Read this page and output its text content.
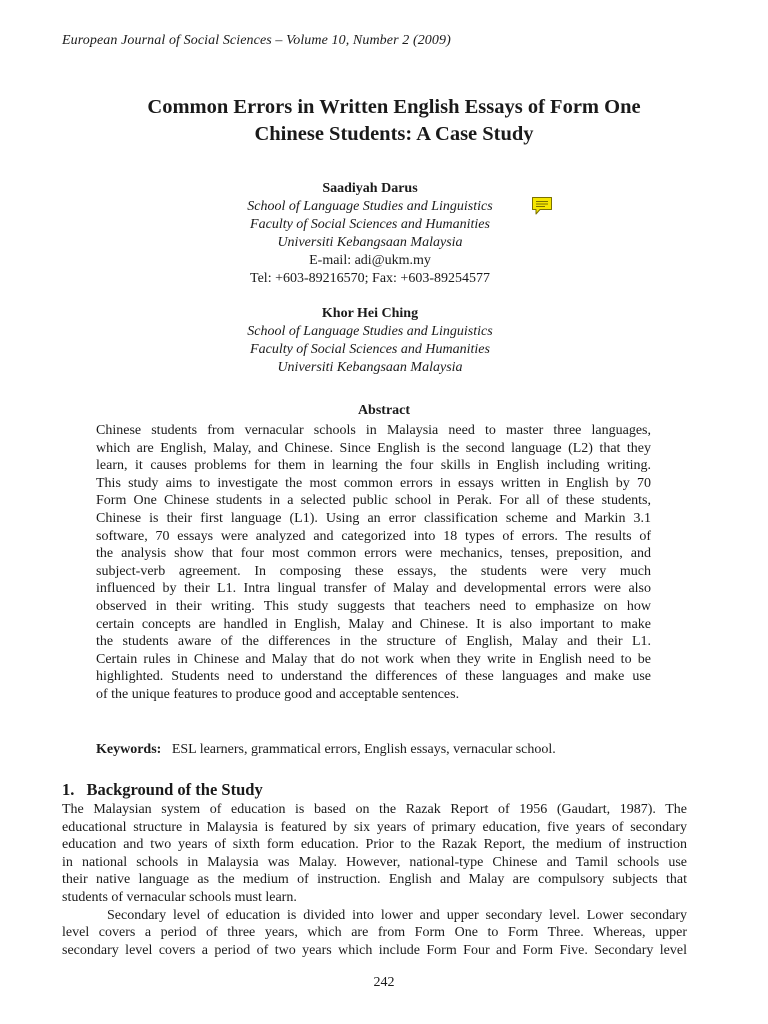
European Journal of Social Sciences – Volume 10, Number 2 (2009)
Common Errors in Written English Essays of Form One
Chinese Students: A Case Study
Saadiyah Darus
School of Language Studies and Linguistics
Faculty of Social Sciences and Humanities
Universiti Kebangsaan Malaysia
E-mail: adi@ukm.my
Tel: +603-89216570; Fax: +603-89254577
Khor Hei Ching
School of Language Studies and Linguistics
Faculty of Social Sciences and Humanities
Universiti Kebangsaan Malaysia
Abstract
Chinese students from vernacular schools in Malaysia need to master three languages,
which are English, Malay, and Chinese. Since English is the second language (L2) that they
learn, it causes problems for them in learning the four skills in English including writing.
This study aims to investigate the most common errors in essays written in English by 70
Form One Chinese students in a selected public school in Perak. For all of these students,
Chinese is their first language (L1). Using an error classification scheme and Markin 3.1
software, 70 essays were analyzed and categorized into 18 types of errors. The results of
the analysis show that four most common errors were mechanics, tenses, preposition, and
subject-verb agreement. In composing these essays, the students were very much
influenced by their L1. Intra lingual transfer of Malay and developmental errors were also
observed in their writing. This study suggests that teachers need to emphasize on how
certain concepts are handled in English, Malay and Chinese. It is also important to make
the students aware of the differences in the structure of English, Malay and their L1.
Certain rules in Chinese and Malay that do not work when they write in English need to be
highlighted. Students need to understand the differences of these languages and make use
of the unique features to produce good and acceptable sentences.
Keywords: ESL learners, grammatical errors, English essays, vernacular school.
1. Background of the Study
The Malaysian system of education is based on the Razak Report of 1956 (Gaudart, 1987). The
educational structure in Malaysia is featured by six years of primary education, five years of secondary
education and two years of sixth form education. Prior to the Razak Report, the medium of instruction
in national schools in Malaysia was Malay. However, national-type Chinese and Tamil schools use
their native language as the medium of instruction. English and Malay are compulsory subjects that
students of vernacular schools must learn.
Secondary level of education is divided into lower and upper secondary level. Lower secondary
level covers a period of three years, which are from Form One to Form Three. Whereas, upper
secondary level covers a period of two years which include Form Four and Form Five. Secondary level
242
